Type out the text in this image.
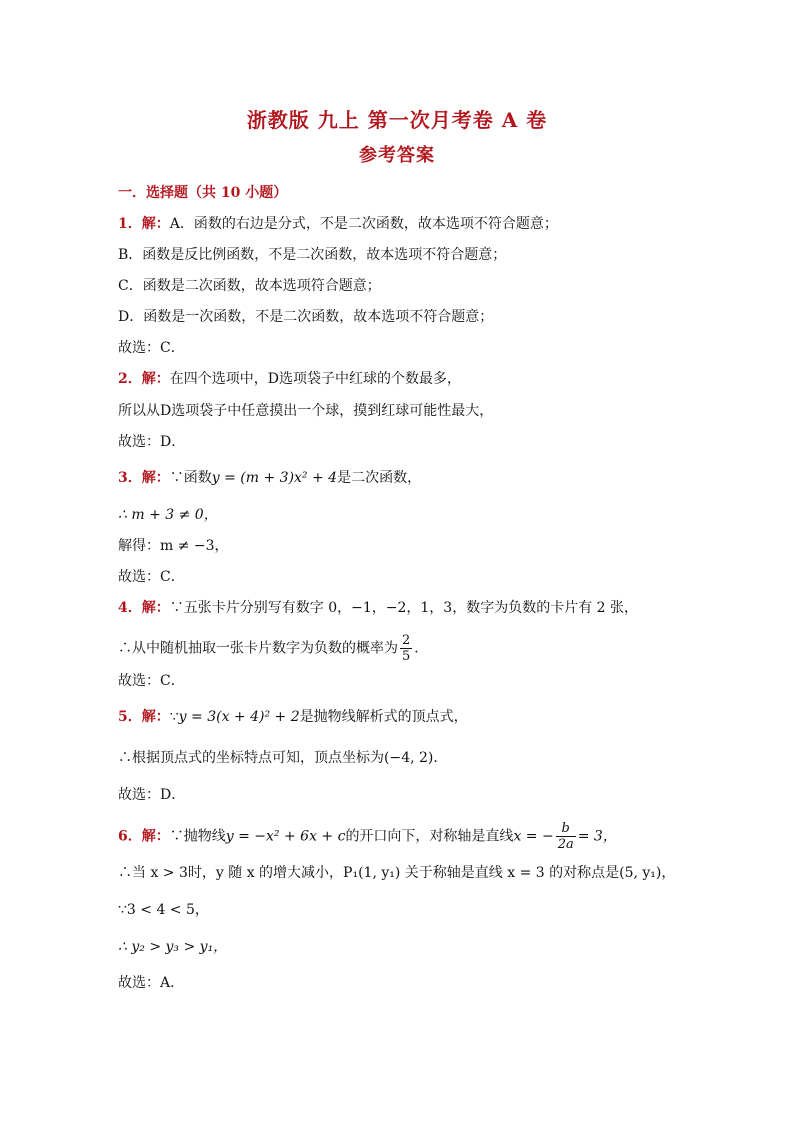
浙教版 九上 第一次月考卷 A 卷
参考答案
一．选择题（共 10 小题）
1．解：A．函数的右边是分式，不是二次函数，故本选项不符合题意；
B．函数是反比例函数，不是二次函数，故本选项不符合题意；
C．函数是二次函数，故本选项符合题意；
D．函数是一次函数，不是二次函数，故本选项不符合题意；
故选：C．
2．解：在四个选项中，D选项袋子中红球的个数最多，
所以从D选项袋子中任意摸出一个球，摸到红球可能性最大，
故选：D．
3．解：∵函数y = (m + 3)x² + 4是二次函数，
∴ m + 3 ≠ 0，
解得：m ≠ −3，
故选：C．
4．解：∵五张卡片分别写有数字 0，−1，−2，1，3，数字为负数的卡片有 2 张，
∴从中随机抽取一张卡片数字为负数的概率为 $\frac{2}{5}$ ．
故选：C．
5．解：∵y = 3(x + 4)² + 2是抛物线解析式的顶点式，
∴根据顶点式的坐标特点可知，顶点坐标为(−4, 2)．
故选：D．
6．解：∵抛物线y = −x² + 6x + c的开口向下，对称轴是直线x = − $\frac{b}{2a} = 3$，
∴当 x > 3时，y 随 x 的增大减小，P₁(1, y₁) 关于称轴是直线 x = 3 的对称点是(5, y₁)，
∵3 < 4 < 5，
∴ y₂ > y₃ > y₁，
故选：A．
